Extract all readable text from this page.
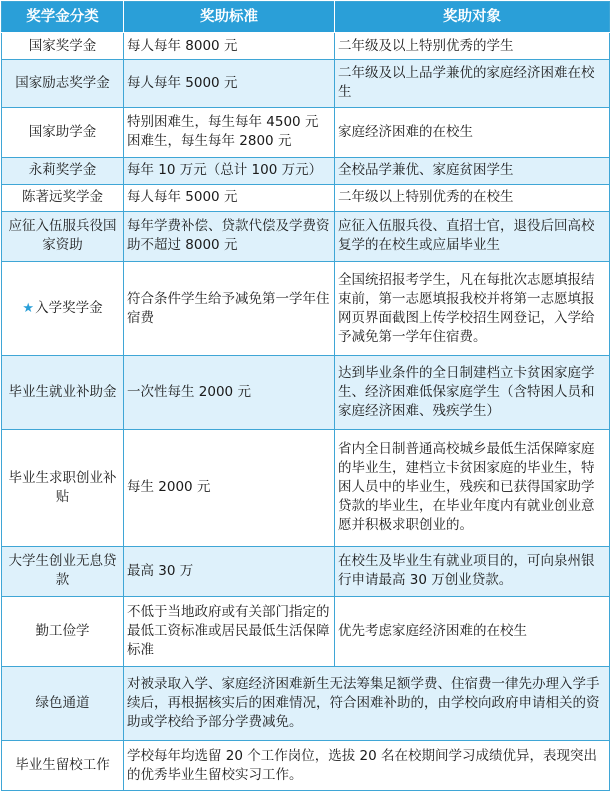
奖学金分类	奖助标准	奖助对象
国家奖学金	每人每年 8000 元	二年级及以上特别优秀的学生
国家励志奖学金	每人每年 5000 元	二年级及以上品学兼优的家庭经济困难在校生
国家助学金	特别困难生，每生每年 4500 元困难生，每生每年 2800 元	家庭经济困难的在校生
永莉奖学金	每年 10 万元（总计 100 万元）	全校品学兼优、家庭贫困学生
陈著远奖学金	每人每年 5000 元	二年级以上特别优秀的在校生
应征入伍服兵役国家资助	每年学费补偿、贷款代偿及学费资助不超过 8000 元	应征入伍服兵役、直招士官，退役后回高校复学的在校生或应届毕业生
★入学奖学金	符合条件学生给予减免第一学年住宿费	全国统招报考学生，凡在每批次志愿填报结束前，第一志愿填报我校并将第一志愿填报网页界面截图上传学校招生网登记，入学给予减免第一学年住宿费。
毕业生就业补助金	一次性每生 2000 元	达到毕业条件的全日制建档立卡贫困家庭学生、经济困难低保家庭学生（含特困人员和家庭经济困难、残疾学生）
毕业生求职创业补贴	每生 2000 元	省内全日制普通高校城乡最低生活保障家庭的毕业生，建档立卡贫困家庭的毕业生，特困人员中的毕业生，残疾和已获得国家助学贷款的毕业生，在毕业年度内有就业创业意愿并积极求职创业的。
大学生创业无息贷款	最高 30 万	在校生及毕业生有就业项目的，可向泉州银行申请最高 30 万创业贷款。
勤工俭学	不低于当地政府或有关部门指定的最低工资标准或居民最低生活保障标准	优先考虑家庭经济困难的在校生
绿色通道	对被录取入学、家庭经济困难新生无法筹集足额学费、住宿费一律先办理入学手续后，再根据核实后的困难情况，符合困难补助的，由学校向政府申请相关的资助或学校给予部分学费减免。	
毕业生留校工作	学校每年均选留 20 个工作岗位，选拔 20 名在校期间学习成绩优异，表现突出的优秀毕业生留校实习工作。	
